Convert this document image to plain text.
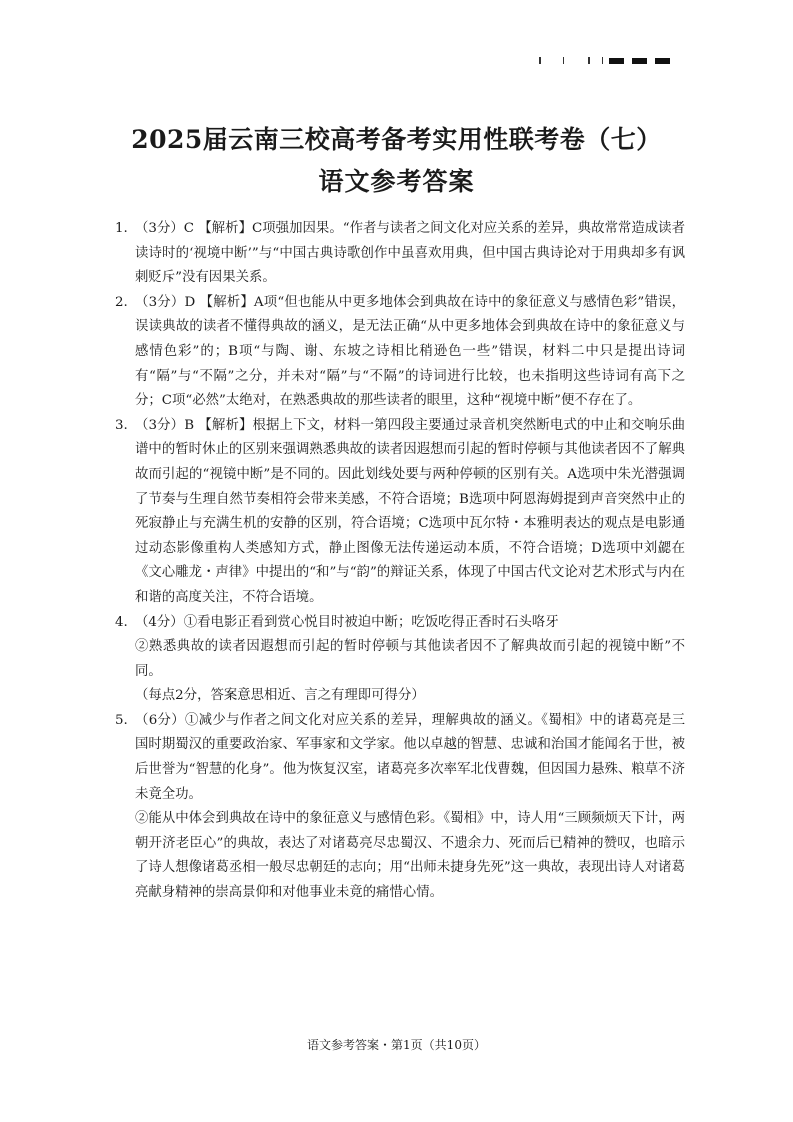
2025届云南三校高考备考实用性联考卷（七）
语文参考答案
1. （3分）C 【解析】C项强加因果。“作者与读者之间文化对应关系的差异，典故常常造成读者读诗时的‘视境中断’”与“中国古典诗歌创作中虽喜欢用典，但中国古典诗论对于用典却多有讽刺贬斥”没有因果关系。

2. （3分）D 【解析】A项“但也能从中更多地体会到典故在诗中的象征意义与感情色彩”错误，误读典故的读者不懂得典故的涵义，是无法正确“从中更多地体会到典故在诗中的象征意义与感情色彩”的；B项“与陶、谢、东坡之诗相比稍逊色一些”错误，材料二中只是提出诗词有“隔”与“不隔”之分，并未对“隔”与“不隔”的诗词进行比较，也未指明这些诗词有高下之分；C项“必然”太绝对，在熟悉典故的那些读者的眼里，这种“视境中断”便不存在了。

3. （3分）B 【解析】根据上下文，材料一第四段主要通过录音机突然断电式的中止和交响乐曲谱中的暂时休止的区别来强调熟悉典故的读者因遐想而引起的暂时停顿与其他读者因不了解典故而引起的“视镜中断”是不同的。因此划线处要与两种停顿的区别有关。A选项中朱光潜强调了节奏与生理自然节奏相符会带来美感，不符合语境；B选项中阿恩海姆提到声音突然中止的死寂静止与充满生机的安静的区别，符合语境；C选项中瓦尔特・本雅明表达的观点是电影通过动态影像重构人类感知方式，静止图像无法传递运动本质，不符合语境；D选项中刘勰在《文心雕龙・声律》中提出的“和”与“韵”的辩证关系，体现了中国古代文论对艺术形式与内在和谐的高度关注，不符合语境。

4. （4分）①看电影正看到赏心悦目时被迫中断；吃饭吃得正香时石头咯牙

②熟悉典故的读者因遐想而引起的暂时停顿与其他读者因不了解典故而引起的视镜中断”不同。

（每点2分，答案意思相近、言之有理即可得分）

5. （6分）①减少与作者之间文化对应关系的差异，理解典故的涵义。《蜀相》中的诸葛亮是三国时期蜀汉的重要政治家、军事家和文学家。他以卓越的智慧、忠诚和治国才能闻名于世，被后世誉为“智慧的化身”。他为恢复汉室，诸葛亮多次率军北伐曹魏，但因国力悬殊、粮草不济未竟全功。

②能从中体会到典故在诗中的象征意义与感情色彩。《蜀相》中，诗人用“三顾频烦天下计，两朝开济老臣心”的典故，表达了对诸葛亮尽忠蜀汉、不遗余力、死而后已精神的赞叹，也暗示了诗人想像诸葛丞相一般尽忠朝廷的志向；用“出师未捷身先死”这一典故，表现出诗人对诸葛亮献身精神的崇高景仰和对他事业未竟的痛惜心情。

语文参考答案・第1页（共10页）
